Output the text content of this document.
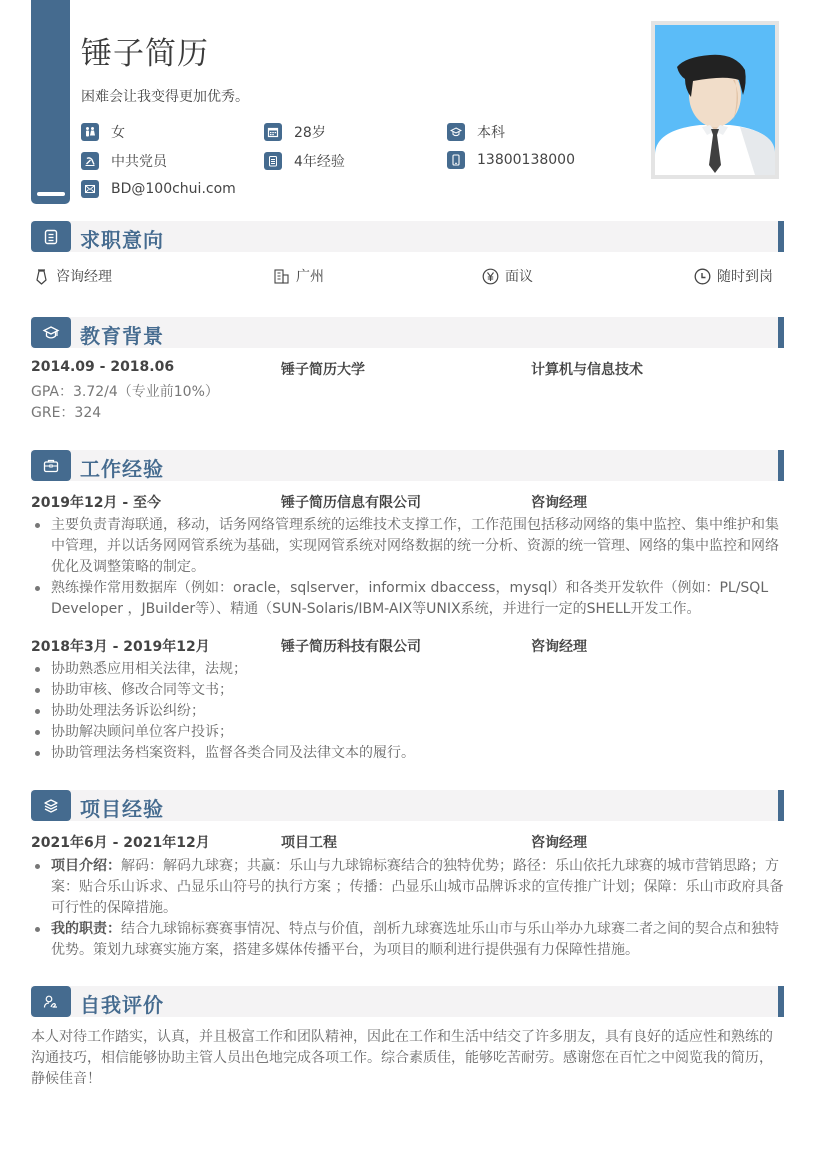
锤子简历
困难会让我变得更加优秀。
女	28岁	本科
中共党员	4年经验	13800138000
BD@100chui.com
求职意向
咨询经理	广州	面议	随时到岗
教育背景
2014.09 - 2018.06	锤子简历大学	计算机与信息技术
GPA：3.72/4（专业前10%）
GRE：324
工作经验
2019年12月 - 至今	锤子简历信息有限公司	咨询经理
主要负责青海联通，移动，话务网络管理系统的运维技术支撑工作，工作范围包括移动网络的集中监控、集中维护和集中管理，并以话务网网管系统为基础，实现网管系统对网络数据的统一分析、资源的统一管理、网络的集中监控和网络优化及调整策略的制定。
熟练操作常用数据库（例如：oracle，sqlserver，informix dbaccess，mysql）和各类开发软件（例如：PL/SQL Developer ，JBuilder等）、精通（SUN-Solaris/IBM-AIX等UNIX系统，并进行一定的SHELL开发工作。
2018年3月 - 2019年12月	锤子简历科技有限公司	咨询经理
协助熟悉应用相关法律，法规；
协助审核、修改合同等文书；
协助处理法务诉讼纠纷；
协助解决顾问单位客户投诉；
协助管理法务档案资料，监督各类合同及法律文本的履行。
项目经验
2021年6月 - 2021年12月	项目工程	咨询经理
项目介绍：解码：解码九球赛；共赢：乐山与九球锦标赛结合的独特优势；路径：乐山依托九球赛的城市营销思路；方案：贴合乐山诉求、凸显乐山符号的执行方案 ；传播：凸显乐山城市品牌诉求的宣传推广计划；保障：乐山市政府具备可行性的保障措施。
我的职责：结合九球锦标赛赛事情况、特点与价值，剖析九球赛选址乐山市与乐山举办九球赛二者之间的契合点和独特优势。策划九球赛实施方案，搭建多媒体传播平台，为项目的顺利进行提供强有力保障性措施。
自我评价
本人对待工作踏实，认真，并且极富工作和团队精神，因此在工作和生活中结交了许多朋友，具有良好的适应性和熟练的沟通技巧，相信能够协助主管人员出色地完成各项工作。综合素质佳，能够吃苦耐劳。感谢您在百忙之中阅览我的简历，静候佳音！
